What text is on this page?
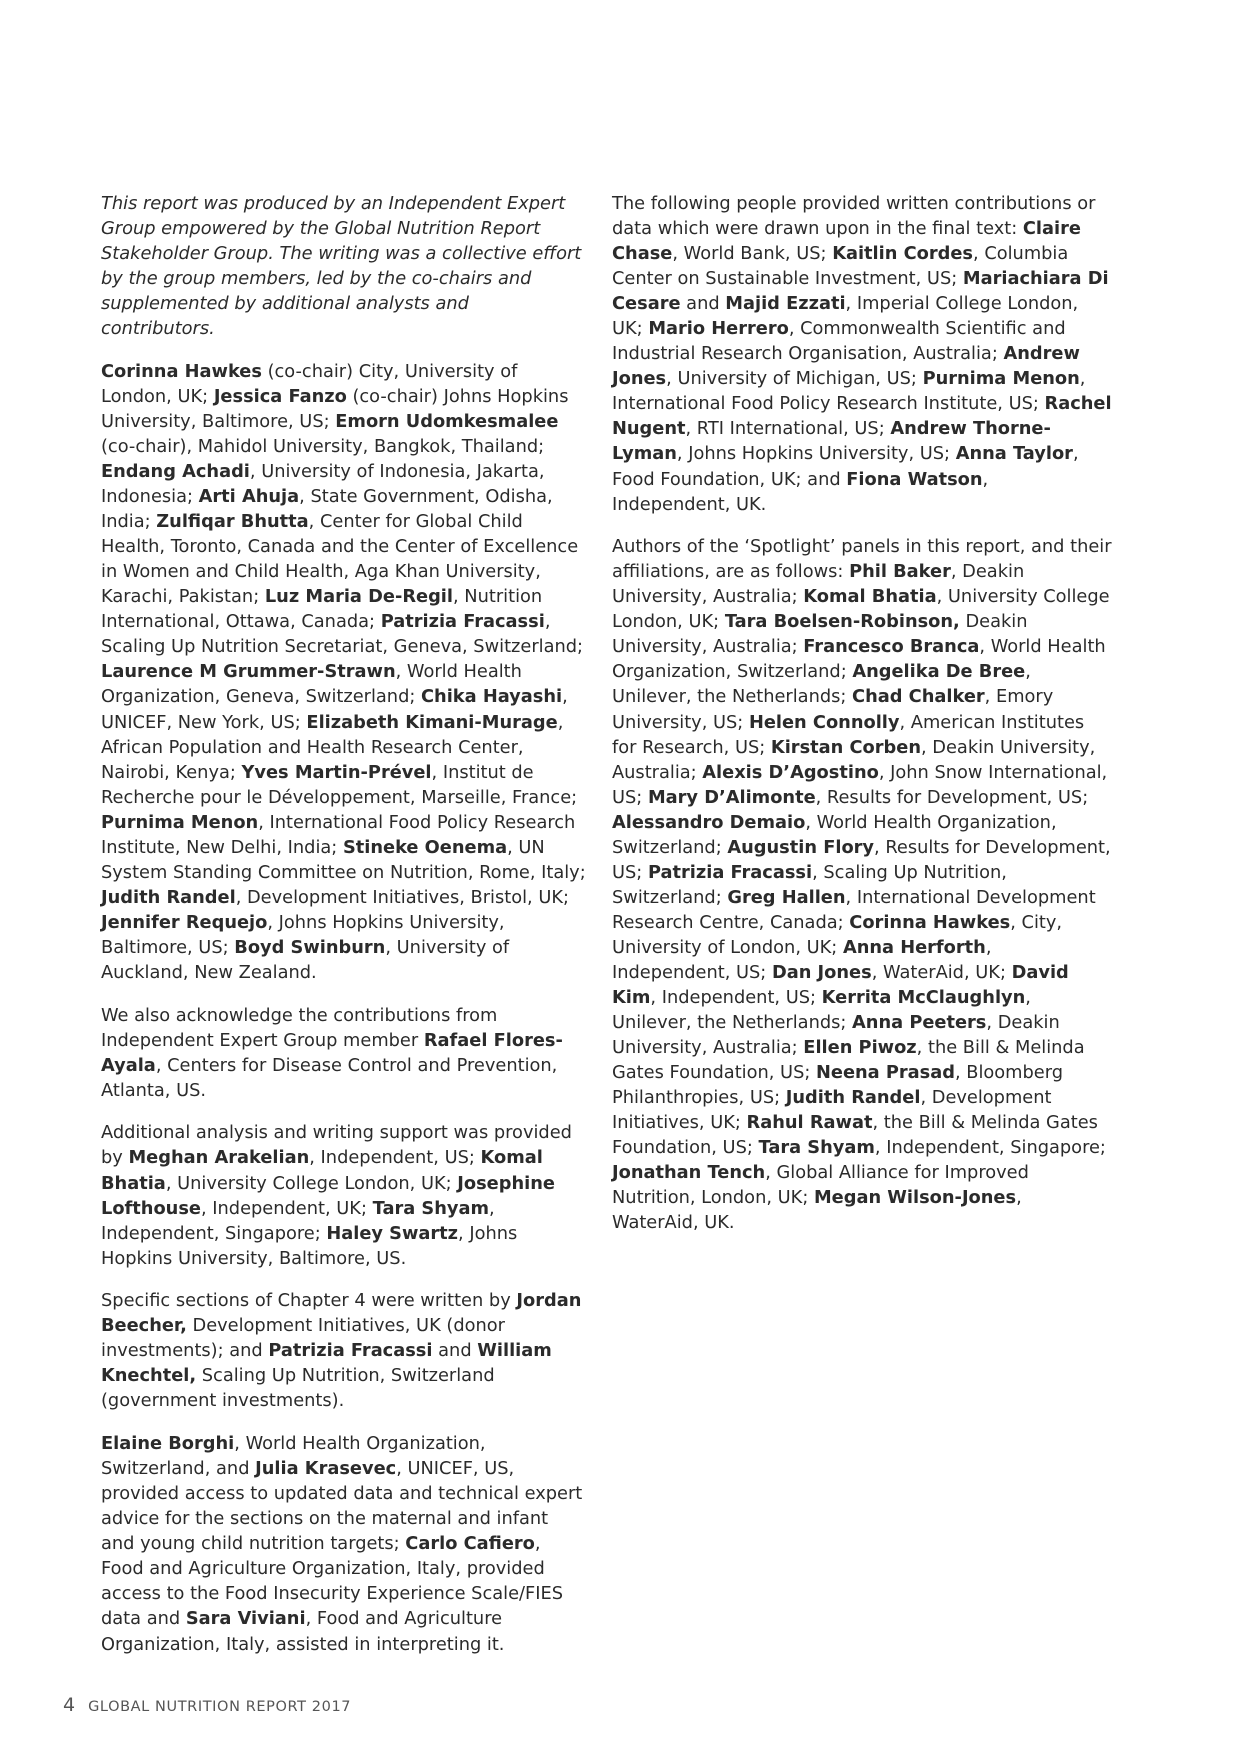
This report was produced by an Independent Expert Group empowered by the Global Nutrition Report Stakeholder Group. The writing was a collective effort by the group members, led by the co-chairs and supplemented by additional analysts and contributors.

Corinna Hawkes (co-chair) City, University of London, UK; Jessica Fanzo (co-chair) Johns Hopkins University, Baltimore, US; Emorn Udomkesmalee (co-chair), Mahidol University, Bangkok, Thailand; Endang Achadi, University of Indonesia, Jakarta, Indonesia; Arti Ahuja, State Government, Odisha, India; Zulfiqar Bhutta, Center for Global Child Health, Toronto, Canada and the Center of Excellence in Women and Child Health, Aga Khan University, Karachi, Pakistan; Luz Maria De-Regil, Nutrition International, Ottawa, Canada; Patrizia Fracassi, Scaling Up Nutrition Secretariat, Geneva, Switzerland; Laurence M Grummer-Strawn, World Health Organization, Geneva, Switzerland; Chika Hayashi, UNICEF, New York, US; Elizabeth Kimani-Murage, African Population and Health Research Center, Nairobi, Kenya; Yves Martin-Prével, Institut de Recherche pour le Développement, Marseille, France; Purnima Menon, International Food Policy Research Institute, New Delhi, India; Stineke Oenema, UN System Standing Committee on Nutrition, Rome, Italy; Judith Randel, Development Initiatives, Bristol, UK; Jennifer Requejo, Johns Hopkins University, Baltimore, US; Boyd Swinburn, University of Auckland, New Zealand.

We also acknowledge the contributions from Independent Expert Group member Rafael Flores-Ayala, Centers for Disease Control and Prevention, Atlanta, US.

Additional analysis and writing support was provided by Meghan Arakelian, Independent, US; Komal Bhatia, University College London, UK; Josephine Lofthouse, Independent, UK; Tara Shyam, Independent, Singapore; Haley Swartz, Johns Hopkins University, Baltimore, US.

Specific sections of Chapter 4 were written by Jordan Beecher, Development Initiatives, UK (donor investments); and Patrizia Fracassi and William Knechtel, Scaling Up Nutrition, Switzerland (government investments).

Elaine Borghi, World Health Organization, Switzerland, and Julia Krasevec, UNICEF, US, provided access to updated data and technical expert advice for the sections on the maternal and infant and young child nutrition targets; Carlo Cafiero, Food and Agriculture Organization, Italy, provided access to the Food Insecurity Experience Scale/FIES data and Sara Viviani, Food and Agriculture Organization, Italy, assisted in interpreting it.

The following people provided written contributions or data which were drawn upon in the final text: Claire Chase, World Bank, US; Kaitlin Cordes, Columbia Center on Sustainable Investment, US; Mariachiara Di Cesare and Majid Ezzati, Imperial College London, UK; Mario Herrero, Commonwealth Scientific and Industrial Research Organisation, Australia; Andrew Jones, University of Michigan, US; Purnima Menon, International Food Policy Research Institute, US; Rachel Nugent, RTI International, US; Andrew Thorne-Lyman, Johns Hopkins University, US; Anna Taylor, Food Foundation, UK; and Fiona Watson, Independent, UK.

Authors of the ‘Spotlight’ panels in this report, and their affiliations, are as follows: Phil Baker, Deakin University, Australia; Komal Bhatia, University College London, UK; Tara Boelsen-Robinson, Deakin University, Australia; Francesco Branca, World Health Organization, Switzerland; Angelika De Bree, Unilever, the Netherlands; Chad Chalker, Emory University, US; Helen Connolly, American Institutes for Research, US; Kirstan Corben, Deakin University, Australia; Alexis D’Agostino, John Snow International, US; Mary D’Alimonte, Results for Development, US; Alessandro Demaio, World Health Organization, Switzerland; Augustin Flory, Results for Development, US; Patrizia Fracassi, Scaling Up Nutrition, Switzerland; Greg Hallen, International Development Research Centre, Canada; Corinna Hawkes, City, University of London, UK; Anna Herforth, Independent, US; Dan Jones, WaterAid, UK; David Kim, Independent, US; Kerrita McClaughlyn, Unilever, the Netherlands; Anna Peeters, Deakin University, Australia; Ellen Piwoz, the Bill & Melinda Gates Foundation, US; Neena Prasad, Bloomberg Philanthropies, US; Judith Randel, Development Initiatives, UK; Rahul Rawat, the Bill & Melinda Gates Foundation, US; Tara Shyam, Independent, Singapore; Jonathan Tench, Global Alliance for Improved Nutrition, London, UK; Megan Wilson-Jones, WaterAid, UK.

4 GLOBAL NUTRITION REPORT 2017
